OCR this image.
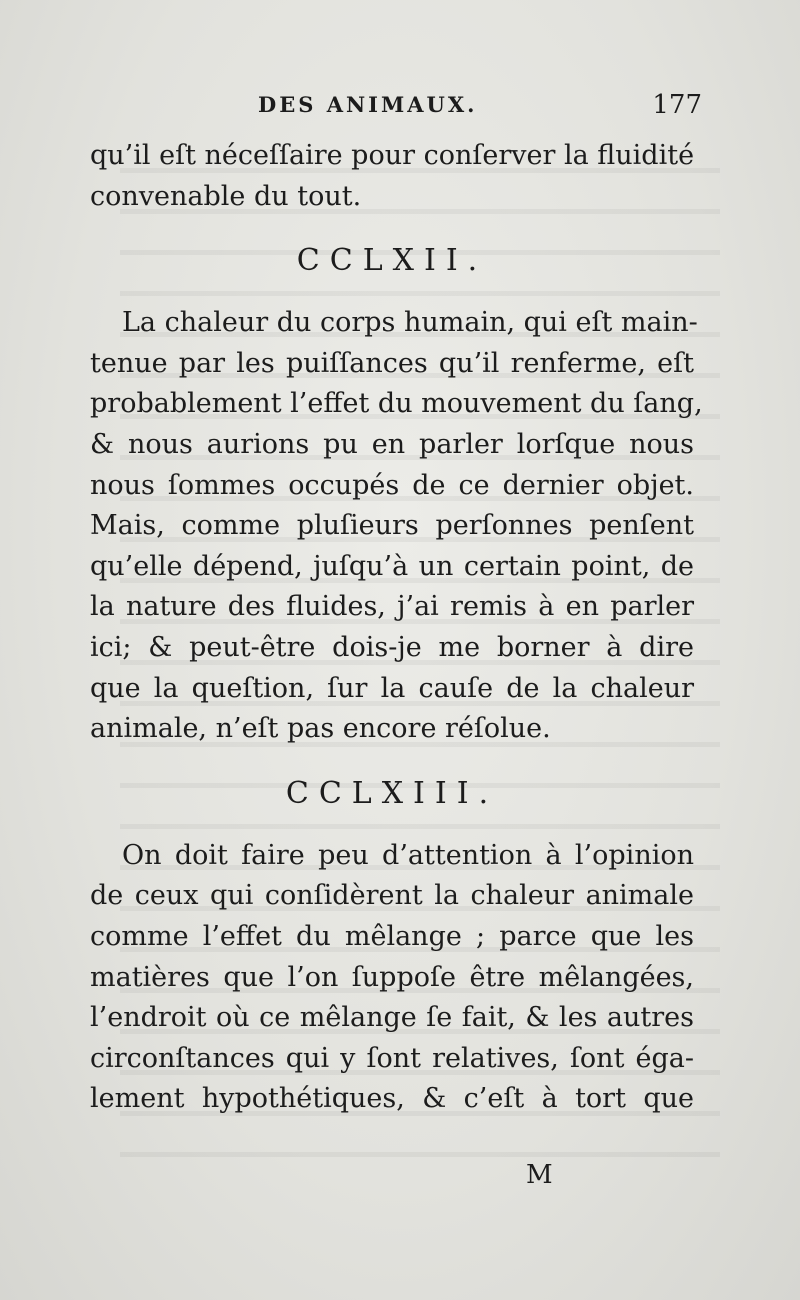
DES ANIMAUX.	177
qu’il eſt néceſſaire pour conſerver la fluidité
convenable du tout.
CCLXII.
La chaleur du corps humain, qui eſt main-
tenue par les puiſſances qu’il renferme, eſt
probablement l’effet du mouvement du ſang,
& nous aurions pu en parler lorſque nous
nous ſommes occupés de ce dernier objet.
Mais, comme pluſieurs perſonnes penſent
qu’elle dépend, juſqu’à un certain point, de
la nature des fluides, j’ai remis à en parler
ici; & peut-être dois-je me borner à dire
que la queſtion, ſur la cauſe de la chaleur
animale, n’eſt pas encore réſolue.
CCLXIII.
On doit faire peu d’attention à l’opinion
de ceux qui conſidèrent la chaleur animale
comme l’effet du mêlange ; parce que les
matières que l’on ſuppoſe être mêlangées,
l’endroit où ce mêlange ſe fait, & les autres
circonſtances qui y ſont relatives, ſont éga-
lement hypothétiques, & c’eſt à tort que
M
